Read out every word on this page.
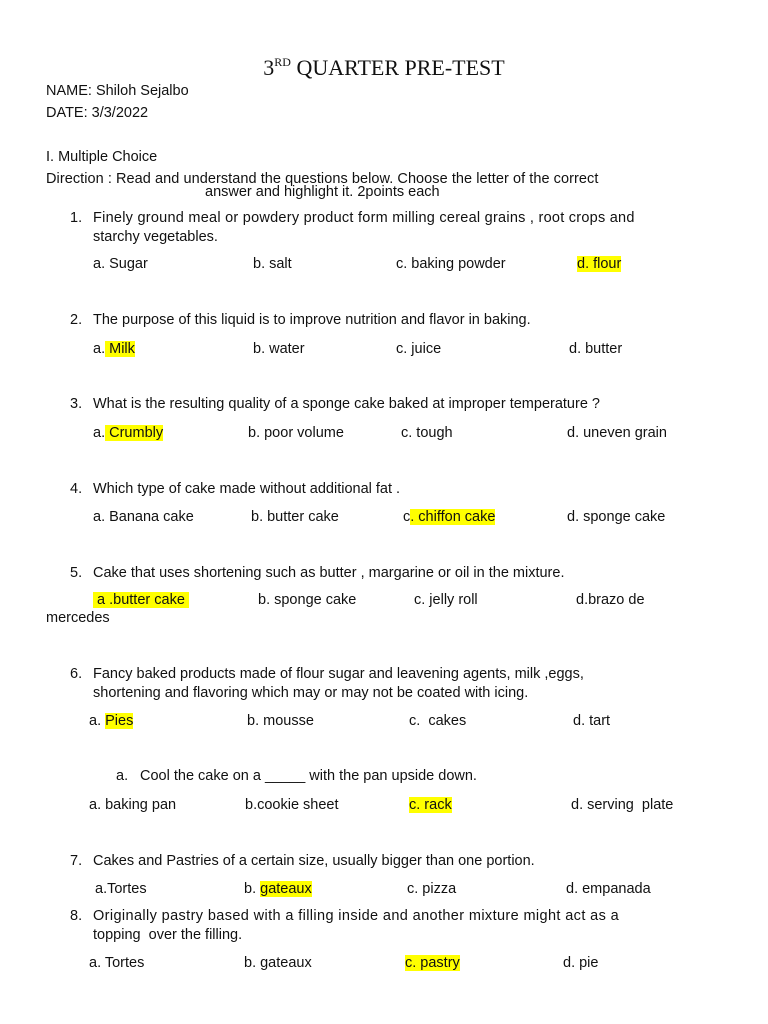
3RD QUARTER PRE-TEST
NAME: Shiloh Sejalbo
DATE: 3/3/2022
I. Multiple Choice
Direction : Read and understand the questions below. Choose the letter of the correct
answer and highlight it. 2points each
1. Finely ground meal or powdery product form milling cereal grains , root crops and
starchy vegetables.
a. Sugar	b. salt	c. baking powder	d. flour
2. The purpose of this liquid is to improve nutrition and flavor in baking.
a. Milk	b. water	c. juice	d. butter
3. What is the resulting quality of a sponge cake baked at improper temperature ?
a. Crumbly	b. poor volume	c. tough	d. uneven grain
4. Which type of cake made without additional fat .
a. Banana cake	b. butter cake	c. chiffon cake	d. sponge cake
5. Cake that uses shortening such as butter , margarine or oil in the mixture.
a .butter cake	b. sponge cake	c. jelly roll	d.brazo de
mercedes
6. Fancy baked products made of flour sugar and leavening agents, milk ,eggs,
shortening and flavoring which may or may not be coated with icing.
a. Pies	b. mousse	c.  cakes	d. tart
a. Cool the cake on a _____ with the pan upside down.
a. baking pan	b.cookie sheet	c. rack	d. serving  plate
7. Cakes and Pastries of a certain size, usually bigger than one portion.
a.Tortes	b. gateaux	c. pizza	d. empanada
8. Originally pastry based with a filling inside and another mixture might act as a
topping  over the filling.
a. Tortes	b. gateaux	c. pastry	d. pie
